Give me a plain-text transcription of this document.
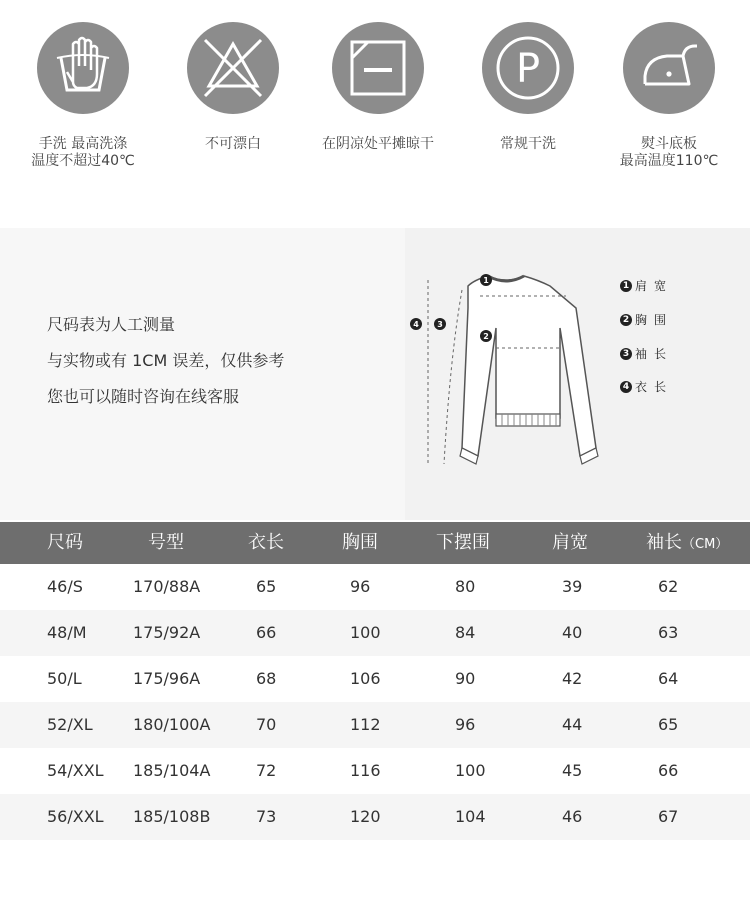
手洗 最高洗涤
温度不超过40℃
不可漂白	在阴凉处平摊晾干
P
常规干洗	熨斗底板
最高温度110℃
尺码表为人工测量
与实物或有 1CM 误差，仅供参考
您也可以随时咨询在线客服
1
2
3
4
1 肩宽
2 胸围
3 袖长
4 衣长
尺码	号型	衣长	胸围	下摆围	肩宽	袖长（CM）
46/S	170/88A	65	96	80	39	62
48/M	175/92A	66	100	84	40	63
50/L	175/96A	68	106	90	42	64
52/XL	180/100A	70	112	96	44	65
54/XXL 185/104A	72	116	100	45	66
56/XXL 185/108B	73	120	104	46	67
